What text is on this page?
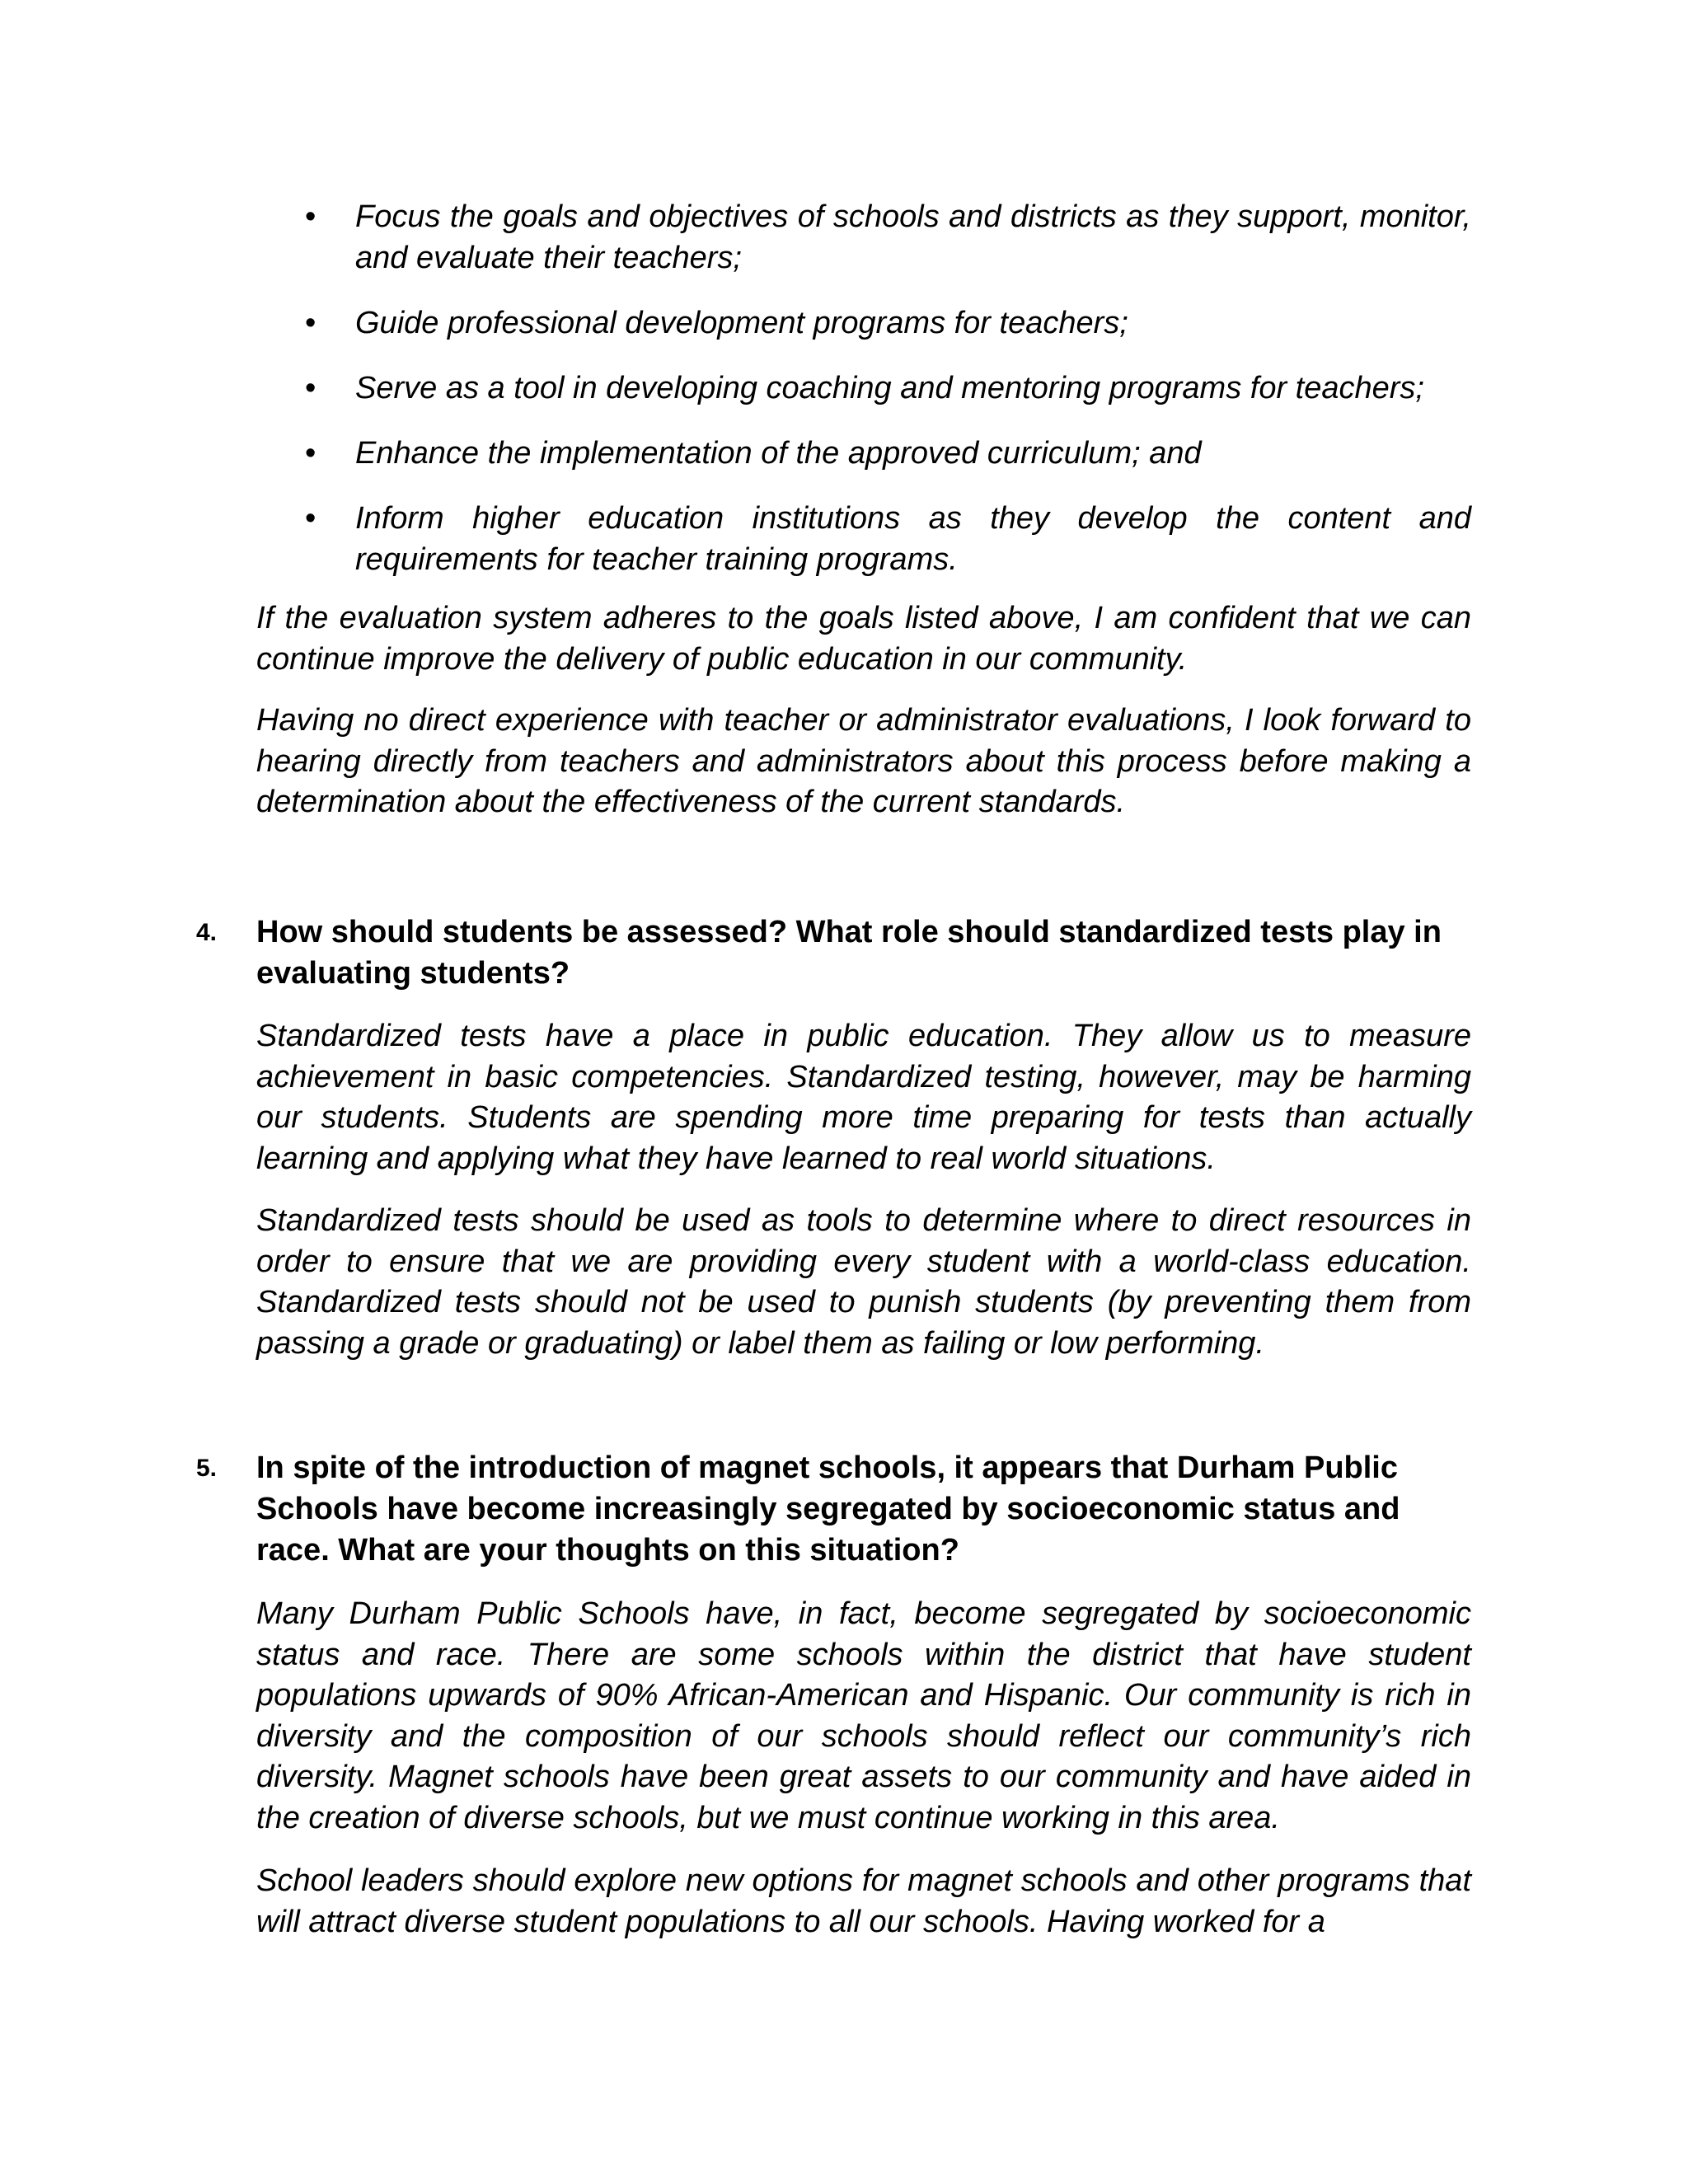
• Focus the goals and objectives of schools and districts as they support, monitor, and evaluate their teachers;
• Guide professional development programs for teachers;
• Serve as a tool in developing coaching and mentoring programs for teachers;
• Enhance the implementation of the approved curriculum; and
• Inform higher education institutions as they develop the content and requirements for teacher training programs.

If the evaluation system adheres to the goals listed above, I am confident that we can continue improve the delivery of public education in our community.

Having no direct experience with teacher or administrator evaluations, I look forward to hearing directly from teachers and administrators about this process before making a determination about the effectiveness of the current standards.

4. How should students be assessed? What role should standardized tests play in evaluating students?

Standardized tests have a place in public education. They allow us to measure achievement in basic competencies. Standardized testing, however, may be harming our students. Students are spending more time preparing for tests than actually learning and applying what they have learned to real world situations.

Standardized tests should be used as tools to determine where to direct resources in order to ensure that we are providing every student with a world-class education. Standardized tests should not be used to punish students (by preventing them from passing a grade or graduating) or label them as failing or low performing.

5. In spite of the introduction of magnet schools, it appears that Durham Public Schools have become increasingly segregated by socioeconomic status and race. What are your thoughts on this situation?

Many Durham Public Schools have, in fact, become segregated by socioeconomic status and race. There are some schools within the district that have student populations upwards of 90% African-American and Hispanic. Our community is rich in diversity and the composition of our schools should reflect our community’s rich diversity. Magnet schools have been great assets to our community and have aided in the creation of diverse schools, but we must continue working in this area.

School leaders should explore new options for magnet schools and other programs that will attract diverse student populations to all our schools. Having worked for a
